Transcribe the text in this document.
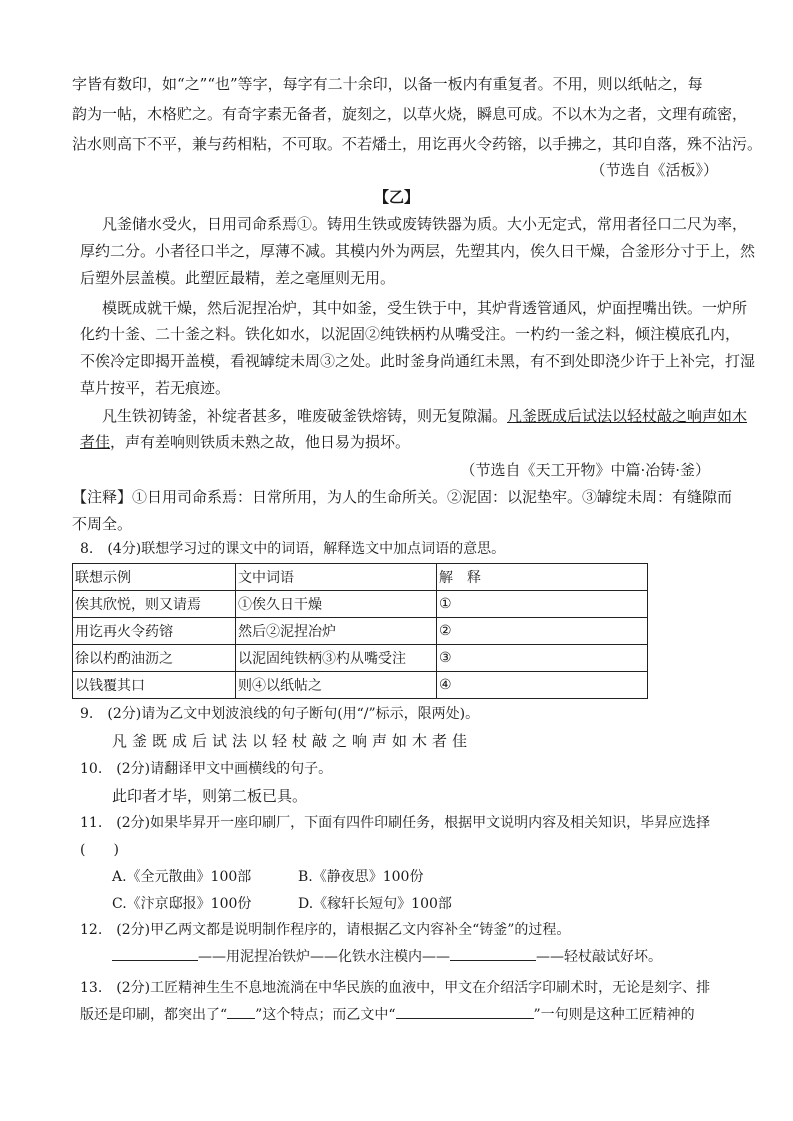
字皆有数印，如“之”“也”等字，每字有二十余印，以备一板内有重复者。不用，则以纸帖之，每
韵为一帖，木格贮之。有奇字素无备者，旋刻之，以草火烧，瞬息可成。不以木为之者，文理有疏密，
沾水则高下不平，兼与药相粘，不可取。不若燔土，用讫再火令药镕，以手拂之，其印自落，殊不沾污。
（节选自《活板》）
【乙】
凡釜储水受火，日用司命系焉①。铸用生铁或废铸铁器为质。大小无定式，常用者径口二尺为率，
厚约二分。小者径口半之，厚薄不减。其模内外为两层，先塑其内，俟久日干燥，合釜形分寸于上，然
后塑外层盖模。此塑匠最精，差之毫厘则无用。
模既成就干燥，然后泥捏冶炉，其中如釜，受生铁于中，其炉背透管通风，炉面捏嘴出铁。一炉所
化约十釜、二十釜之料。铁化如水，以泥固②纯铁柄杓从嘴受注。一杓约一釜之料，倾注模底孔内，
不俟冷定即揭开盖模，看视罅绽未周③之处。此时釜身尚通红未黑，有不到处即浇少许于上补完，打湿
草片按平，若无痕迹。
凡生铁初铸釜，补绽者甚多，唯废破釜铁熔铸，则无复隙漏。凡釜既成后试法以轻杖敲之响声如木
者佳，声有差响则铁质未熟之故，他日易为损坏。
（节选自《天工开物》中篇·冶铸·釜）
【注释】①日用司命系焉：日常所用，为人的生命所关。②泥固：以泥垫牢。③罅绽未周：有缝隙而
不周全。
8.　(4分)联想学习过的课文中的词语，解释选文中加点词语的意思。
联想示例	文中词语	解　释
俟其欣悦，则又请焉	①俟久日干燥	①
用讫再火令药镕	然后②泥捏冶炉	②
徐以杓酌油沥之	以泥固纯铁柄③杓从嘴受注	③
以钱覆其口	则④以纸帖之	④
9.　(2分)请为乙文中划波浪线的句子断句(用“/”标示，限两处)。
凡釜既成后试法以轻杖敲之响声如木者佳
10.　(2分)请翻译甲文中画横线的句子。
此印者才毕，则第二板已具。
11.　(2分)如果毕昇开一座印刷厂，下面有四件印刷任务，根据甲文说明内容及相关知识，毕昇应选择
(　　)
A.《全元散曲》100部	B.《静夜思》100份
C.《汴京邸报》100份	D.《稼轩长短句》100部
12.　(2分)甲乙两文都是说明制作程序的，请根据乙文内容补全“铸釜”的过程。
——用泥捏冶铁炉——化铁水注模内——	——轻杖敲试好坏。
13.　(2分)工匠精神生生不息地流淌在中华民族的血液中，甲文在介绍活字印刷术时，无论是刻字、排
版还是印刷，都突出了“ ”这个特点；而乙文中“	”一句则是这种工匠精神的
